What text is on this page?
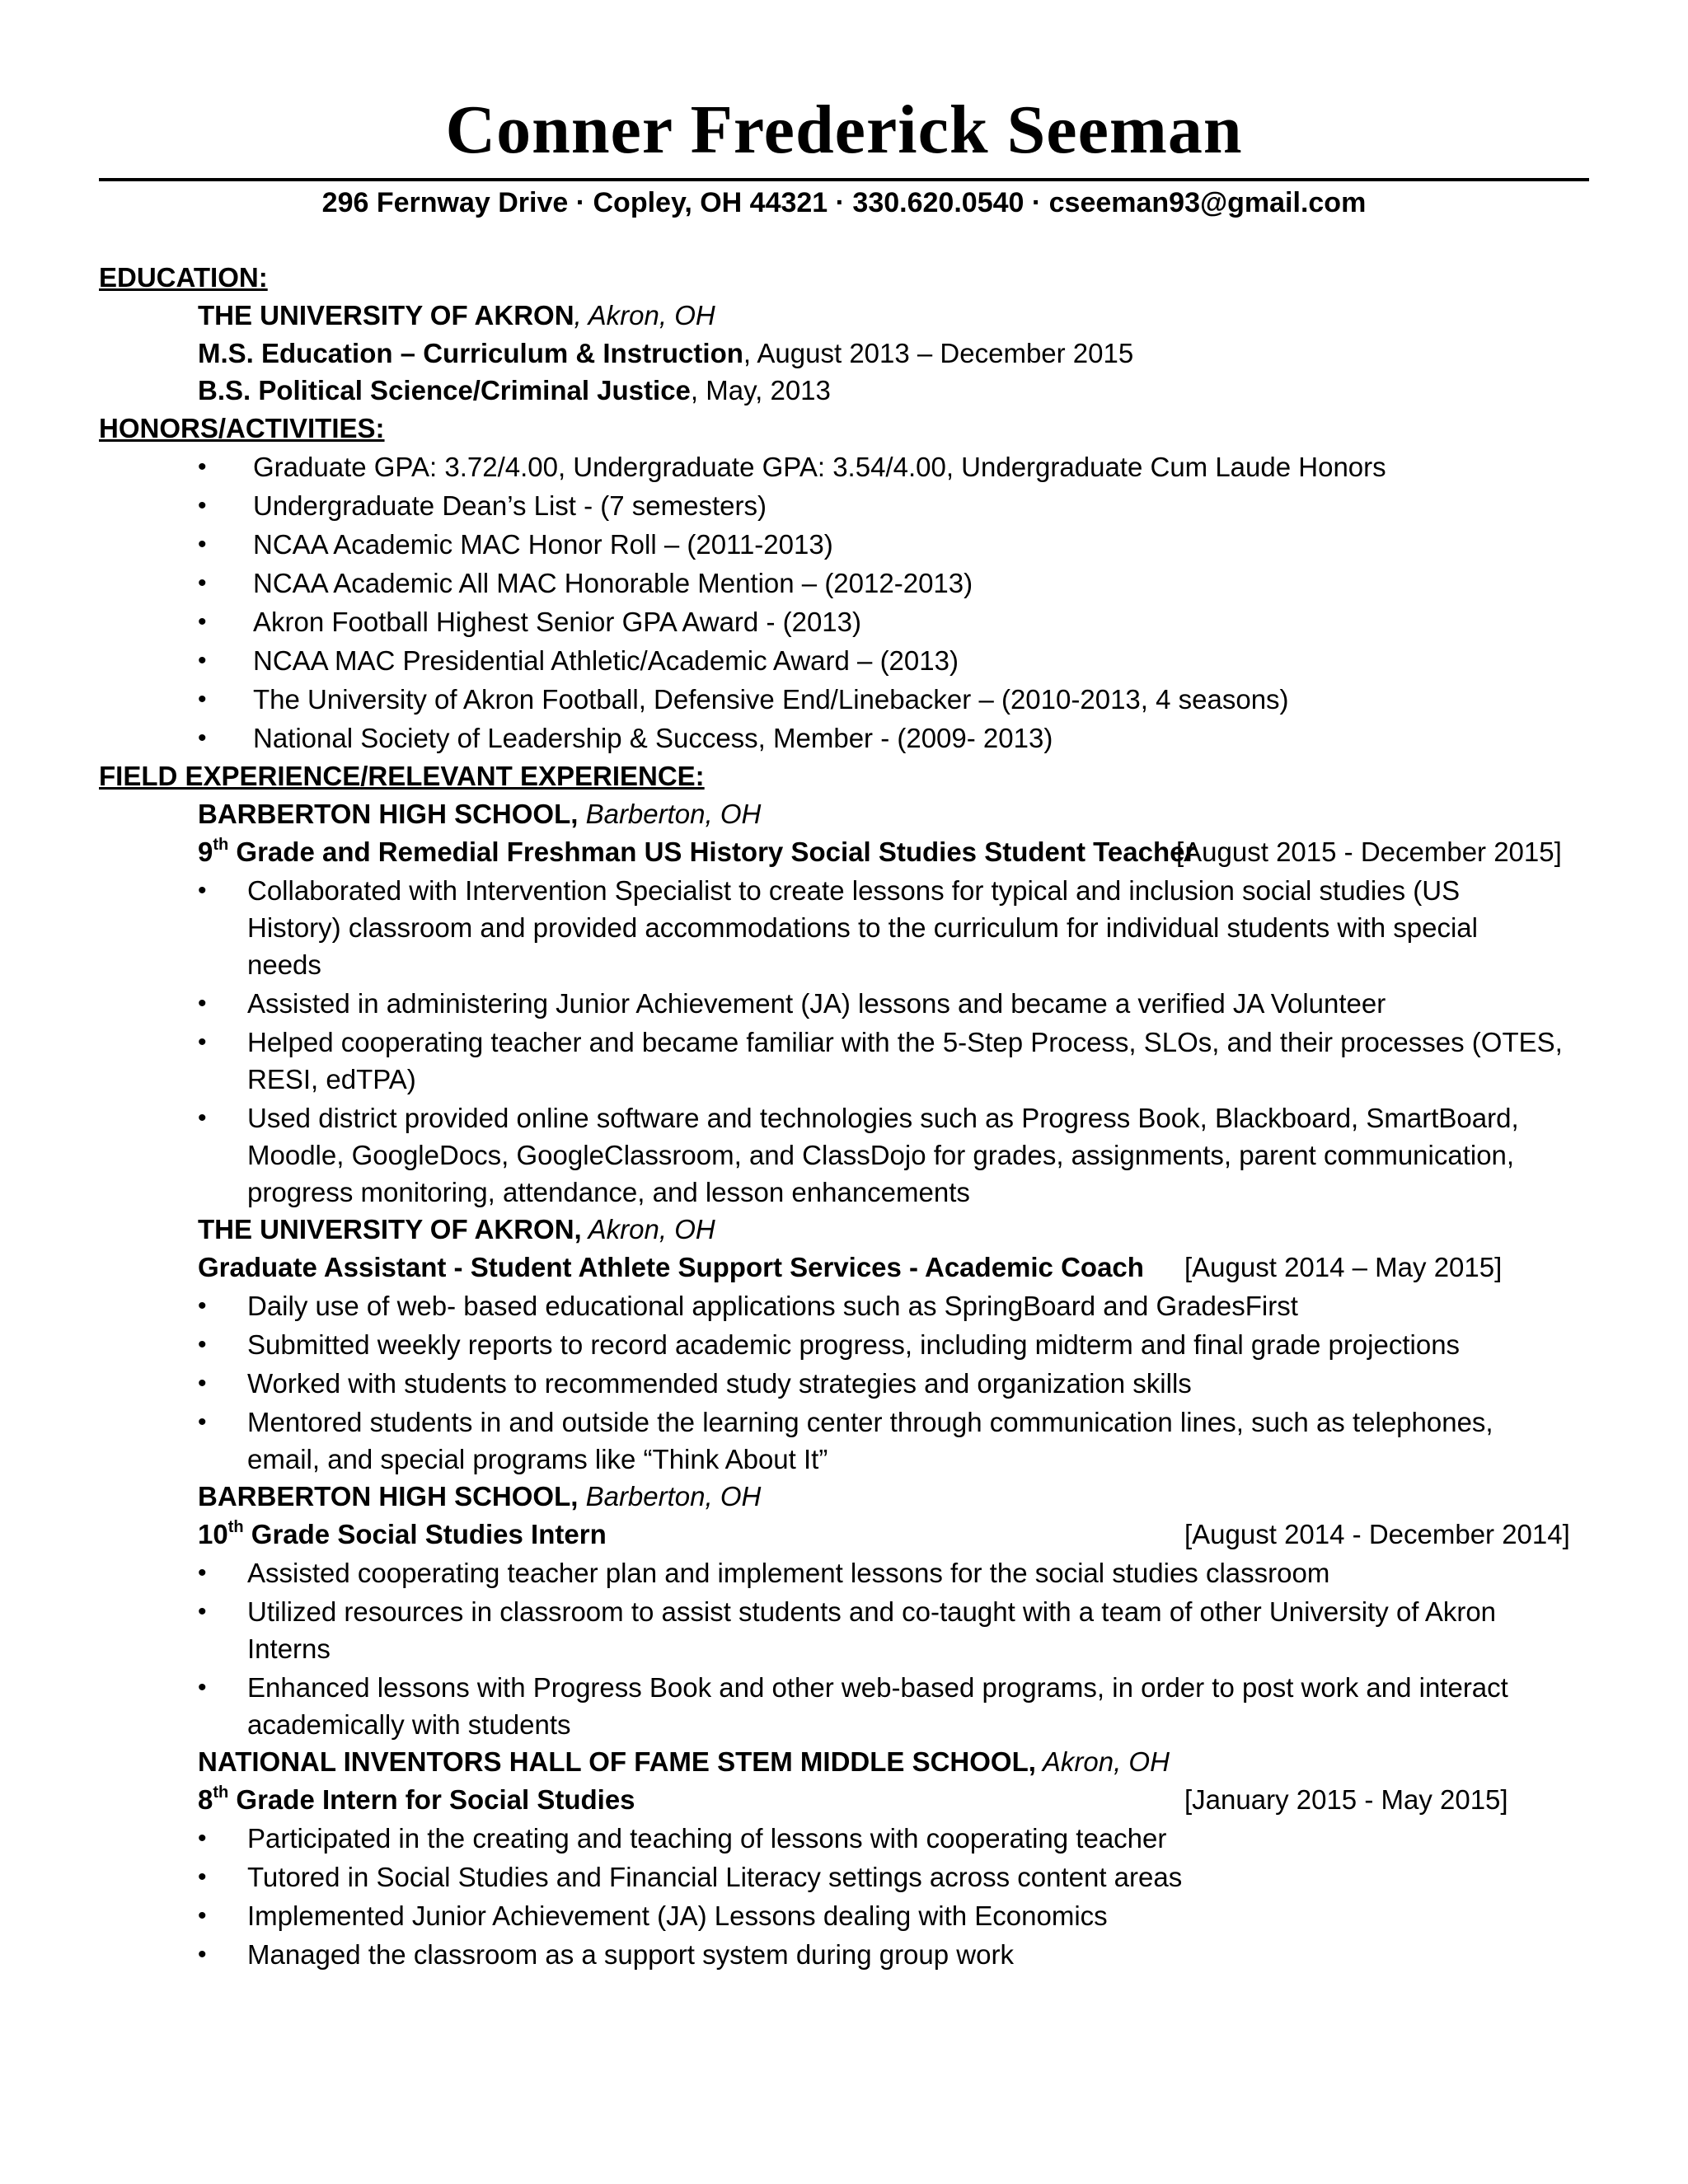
Conner Frederick Seeman
296 Fernway Drive · Copley, OH 44321 · 330.620.0540 · cseeman93@gmail.com
EDUCATION:
THE UNIVERSITY OF AKRON, Akron, OH
M.S. Education – Curriculum & Instruction, August 2013 – December 2015
B.S. Political Science/Criminal Justice, May, 2013
HONORS/ACTIVITIES:
• Graduate GPA: 3.72/4.00, Undergraduate GPA: 3.54/4.00, Undergraduate Cum Laude Honors
• Undergraduate Dean’s List - (7 semesters)
• NCAA Academic MAC Honor Roll – (2011-2013)
• NCAA Academic All MAC Honorable Mention – (2012-2013)
• Akron Football Highest Senior GPA Award - (2013)
• NCAA MAC Presidential Athletic/Academic Award – (2013)
• The University of Akron Football, Defensive End/Linebacker – (2010-2013, 4 seasons)
• National Society of Leadership & Success, Member - (2009- 2013)
FIELD EXPERIENCE/RELEVANT EXPERIENCE:
BARBERTON HIGH SCHOOL, Barberton, OH
9th Grade and Remedial Freshman US History Social Studies Student Teacher
[August 2015 - December 2015]
• Collaborated with Intervention Specialist to create lessons for typical and inclusion social studies (US
History) classroom and provided accommodations to the curriculum for individual students with special
needs
• Assisted in administering Junior Achievement (JA) lessons and became a verified JA Volunteer
• Helped cooperating teacher and became familiar with the 5-Step Process, SLOs, and their processes (OTES,
RESI, edTPA)
• Used district provided online software and technologies such as Progress Book, Blackboard, SmartBoard,
Moodle, GoogleDocs, GoogleClassroom, and ClassDojo for grades, assignments, parent communication,
progress monitoring, attendance, and lesson enhancements
THE UNIVERSITY OF AKRON, Akron, OH
Graduate Assistant - Student Athlete Support Services - Academic Coach [August 2014 – May 2015]
• Daily use of web- based educational applications such as SpringBoard and GradesFirst
• Submitted weekly reports to record academic progress, including midterm and final grade projections
• Worked with students to recommended study strategies and organization skills
• Mentored students in and outside the learning center through communication lines, such as telephones,
email, and special programs like “Think About It”
BARBERTON HIGH SCHOOL, Barberton, OH
10th Grade Social Studies Intern	[August 2014 - December 2014]
• Assisted cooperating teacher plan and implement lessons for the social studies classroom
• Utilized resources in classroom to assist students and co-taught with a team of other University of Akron
Interns
• Enhanced lessons with Progress Book and other web-based programs, in order to post work and interact
academically with students
NATIONAL INVENTORS HALL OF FAME STEM MIDDLE SCHOOL, Akron, OH
8th Grade Intern for Social Studies	[January 2015 - May 2015]
• Participated in the creating and teaching of lessons with cooperating teacher
• Tutored in Social Studies and Financial Literacy settings across content areas
• Implemented Junior Achievement (JA) Lessons dealing with Economics
• Managed the classroom as a support system during group work
